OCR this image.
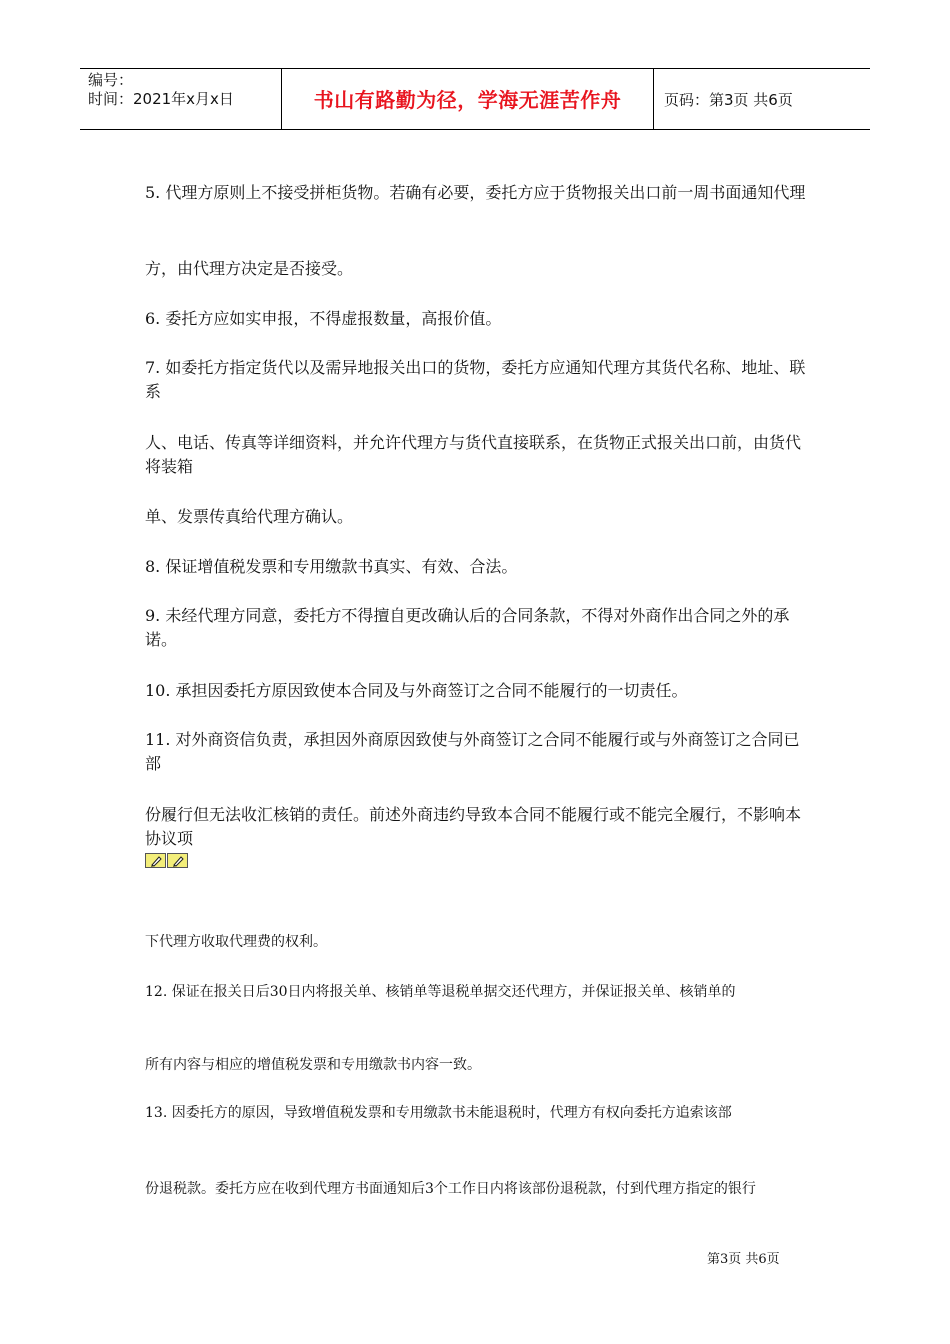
编号：
时间：2021年x月x日	书山有路勤为径，学海无涯苦作舟	页码：第3页 共6页

5. 代理方原则上不接受拼柜货物。若确有必要，委托方应于货物报关出口前一周书面通知代理

方，由代理方决定是否接受。

6. 委托方应如实申报，不得虚报数量，高报价值。

7. 如委托方指定货代以及需异地报关出口的货物，委托方应通知代理方其货代名称、地址、联系

人、电话、传真等详细资料，并允许代理方与货代直接联系，在货物正式报关出口前，由货代将装箱

单、发票传真给代理方确认。

8. 保证增值税发票和专用缴款书真实、有效、合法。

9. 未经代理方同意，委托方不得擅自更改确认后的合同条款，不得对外商作出合同之外的承诺。

10. 承担因委托方原因致使本合同及与外商签订之合同不能履行的一切责任。

11. 对外商资信负责，承担因外商原因致使与外商签订之合同不能履行或与外商签订之合同已部

份履行但无法收汇核销的责任。前述外商违约导致本合同不能履行或不能完全履行，不影响本协议项

下代理方收取代理费的权利。

12. 保证在报关日后30日内将报关单、核销单等退税单据交还代理方，并保证报关单、核销单的

所有内容与相应的增值税发票和专用缴款书内容一致。

13. 因委托方的原因，导致增值税发票和专用缴款书未能退税时，代理方有权向委托方追索该部

份退税款。委托方应在收到代理方书面通知后3个工作日内将该部份退税款，付到代理方指定的银行

第3页 共6页
